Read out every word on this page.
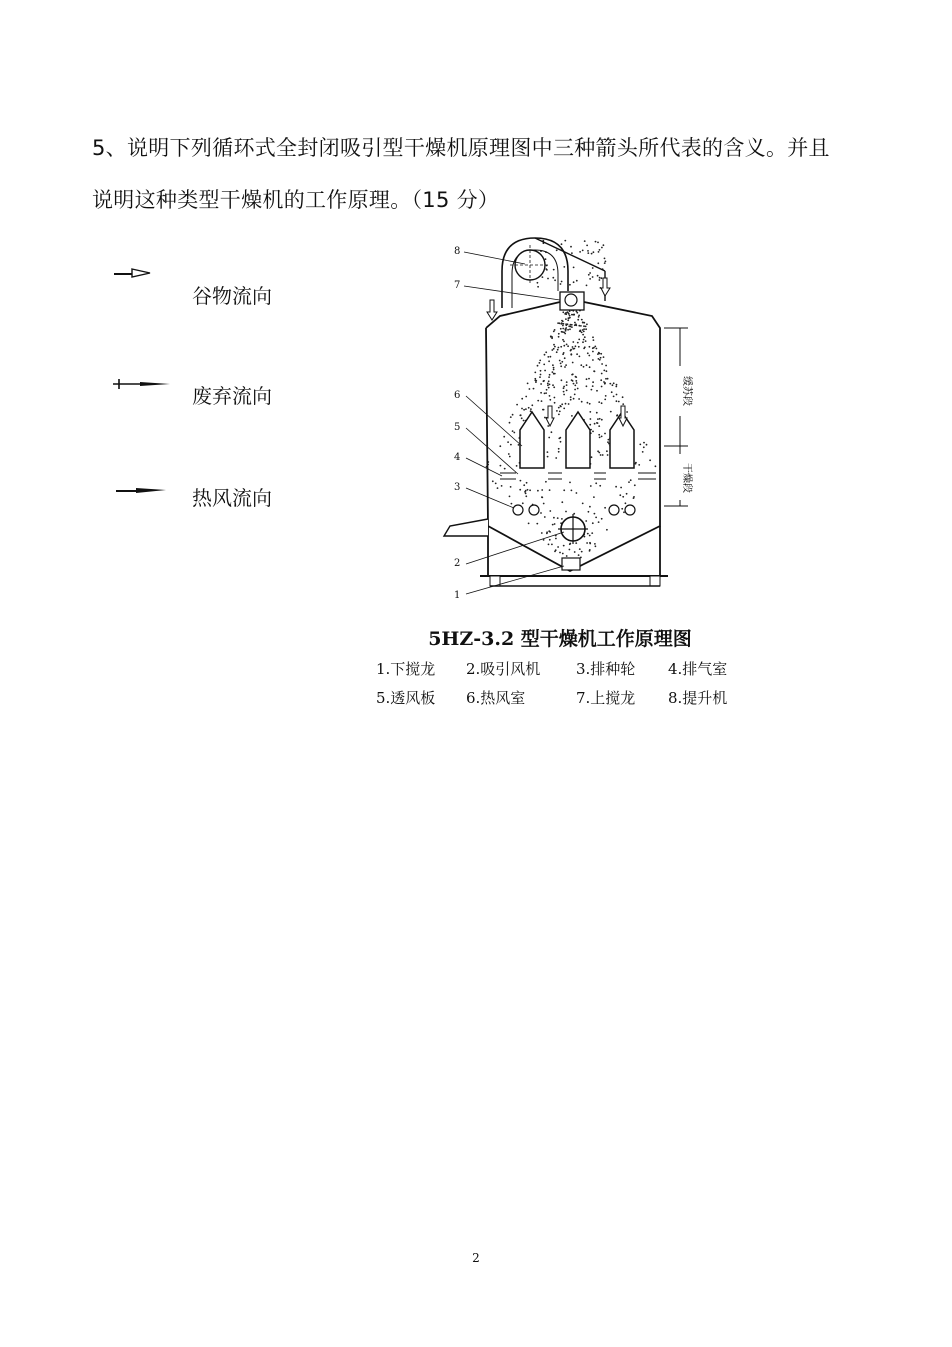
5、说明下列循环式全封闭吸引型干燥机原理图中三种箭头所代表的含义。并且

说明这种类型干燥机的工作原理。（15 分）

谷物流向
废弃流向
热风流向
8
7
6
5
4
3
2
1
缓苏段
干燥段
5HZ-3.2 型干燥机工作原理图
1.下搅龙 2.吸引风机 3.排种轮 4.排气室
5.透风板 6.热风室	7.上搅龙 8.提升机
2
